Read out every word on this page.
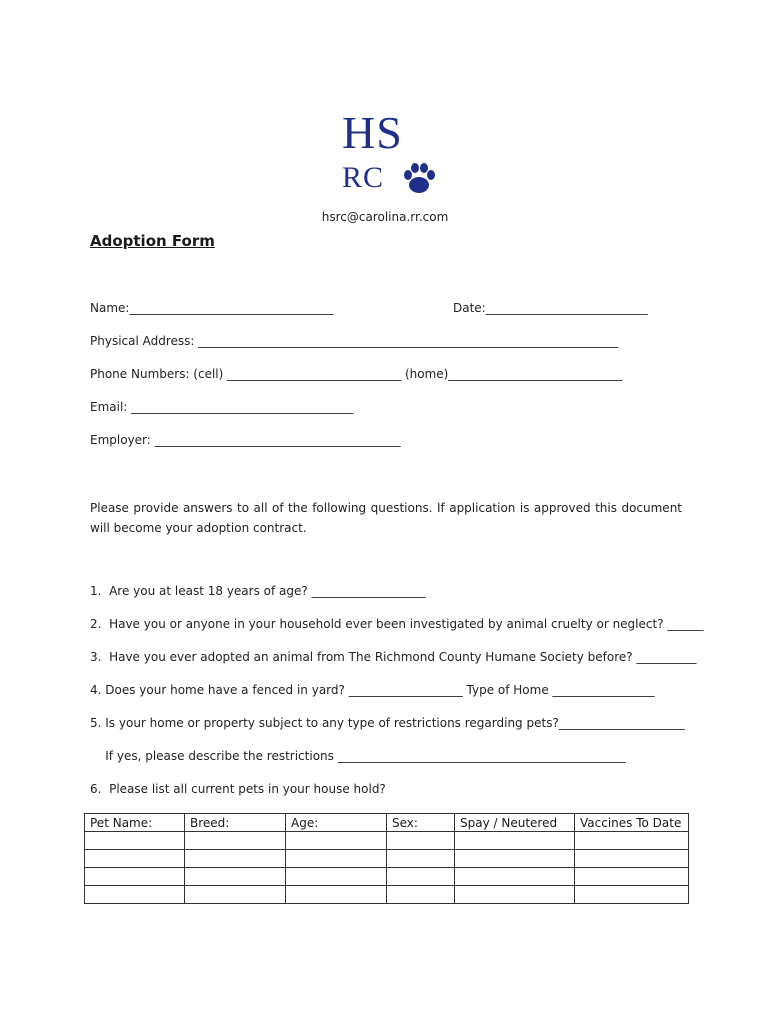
HS
RC
hsrc@carolina.rr.com
Adoption Form
Name:__________________________________	Date:___________________________
Physical Address: ______________________________________________________________________
Phone Numbers: (cell) _____________________________ (home)_____________________________
Email: _____________________________________
Employer: _________________________________________
Please provide answers to all of the following questions. If application is approved this document will become your adoption contract.
1.  Are you at least 18 years of age? ___________________
2.  Have you or anyone in your household ever been investigated by animal cruelty or neglect? ______
3.  Have you ever adopted an animal from The Richmond County Humane Society before? __________
4. Does your home have a fenced in yard? ___________________ Type of Home _________________
5. Is your home or property subject to any type of restrictions regarding pets?_____________________
If yes, please describe the restrictions ________________________________________________
6.  Please list all current pets in your house hold?
Pet Name:	Breed:	Age:	Sex:	Spay / Neutered	Vaccines To Date
